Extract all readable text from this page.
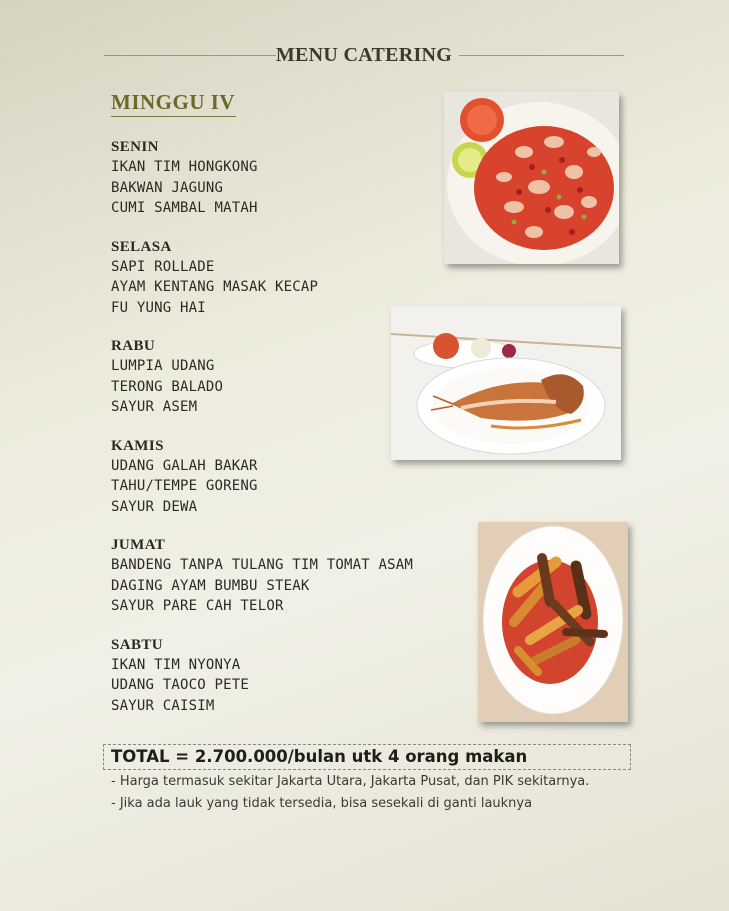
MENU CATERING
MINGGU IV
SENIN
IKAN TIM HONGKONG
BAKWAN JAGUNG
CUMI SAMBAL MATAH
SELASA
SAPI ROLLADE
AYAM KENTANG MASAK KECAP
FU YUNG HAI
RABU
LUMPIA UDANG
TERONG BALADO
SAYUR ASEM
KAMIS
UDANG GALAH BAKAR
TAHU/TEMPE GORENG
SAYUR DEWA
JUMAT
BANDENG TANPA TULANG TIM TOMAT ASAM
DAGING AYAM BUMBU STEAK
SAYUR PARE CAH TELOR
SABTU
IKAN TIM NYONYA
UDANG TAOCO PETE
SAYUR CAISIM
TOTAL = 2.700.000/bulan utk 4 orang makan
- Harga termasuk sekitar Jakarta Utara, Jakarta Pusat, dan PIK sekitarnya.
- Jika ada lauk yang tidak tersedia, bisa sesekali di ganti lauknya
